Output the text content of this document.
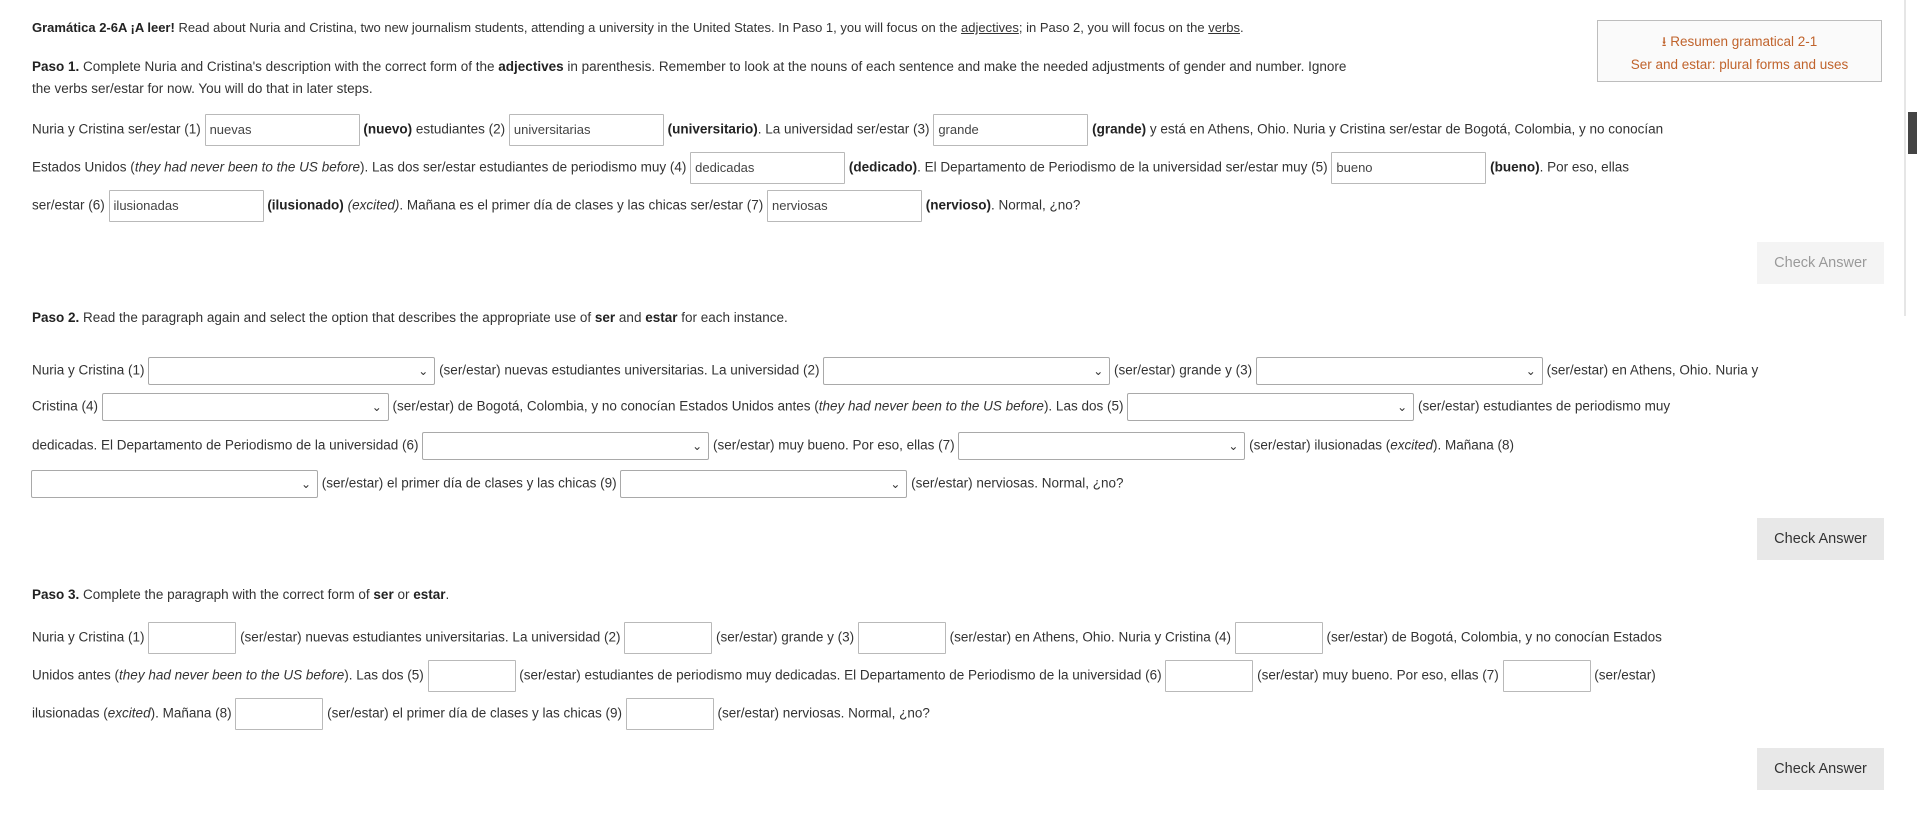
Gramática 2-6A ¡A leer! Read about Nuria and Cristina, two new journalism students, attending a university in the United States. In Paso 1, you will focus on the adjectives; in Paso 2, you will focus on the verbs.
⭳ Resumen gramatical 2-1
Ser and estar: plural forms and uses
Paso 1. Complete Nuria and Cristina's description with the correct form of the adjectives in parenthesis. Remember to look at the nouns of each sentence and make the needed adjustments of gender and number. Ignore
the verbs ser/estar for now. You will do that in later steps.
Nuria y Cristina ser/estar (1) nuevas	(nuevo) estudiantes (2) universitarias	(universitario). La universidad ser/estar (3) grande	(grande) y está en Athens, Ohio. Nuria y Cristina ser/estar de Bogotá, Colombia, y no conocían
Estados Unidos (they had never been to the US before). Las dos ser/estar estudiantes de periodismo muy (4) dedicadas	(dedicado). El Departamento de Periodismo de la universidad ser/estar muy (5) bueno	(bueno). Por eso, ellas
ser/estar (6) ilusionadas	(ilusionado) (excited). Mañana es el primer día de clases y las chicas ser/estar (7) nerviosas	(nervioso). Normal, ¿no?
Check Answer
Paso 2. Read the paragraph again and select the option that describes the appropriate use of ser and estar for each instance.
Nuria y Cristina (1)	⌄ (ser/estar) nuevas estudiantes universitarias. La universidad (2)	⌄ (ser/estar) grande y (3)	⌄ (ser/estar) en Athens, Ohio. Nuria y
Cristina (4)	⌄ (ser/estar) de Bogotá, Colombia, y no conocían Estados Unidos antes (they had never been to the US before). Las dos (5)	⌄ (ser/estar) estudiantes de periodismo muy
dedicadas. El Departamento de Periodismo de la universidad (6)	⌄ (ser/estar) muy bueno. Por eso, ellas (7)	⌄ (ser/estar) ilusionadas (excited). Mañana (8)
⌄ (ser/estar) el primer día de clases y las chicas (9)	⌄ (ser/estar) nerviosas. Normal, ¿no?
Check Answer
Paso 3. Complete the paragraph with the correct form of ser or estar.
Nuria y Cristina (1)	(ser/estar) nuevas estudiantes universitarias. La universidad (2)	(ser/estar) grande y (3)	(ser/estar) en Athens, Ohio. Nuria y Cristina (4)	(ser/estar) de Bogotá, Colombia, y no conocían Estados
Unidos antes (they had never been to the US before). Las dos (5)	(ser/estar) estudiantes de periodismo muy dedicadas. El Departamento de Periodismo de la universidad (6)	(ser/estar) muy bueno. Por eso, ellas (7)	(ser/estar)
ilusionadas (excited). Mañana (8)	(ser/estar) el primer día de clases y las chicas (9)	(ser/estar) nerviosas. Normal, ¿no?
Check Answer
